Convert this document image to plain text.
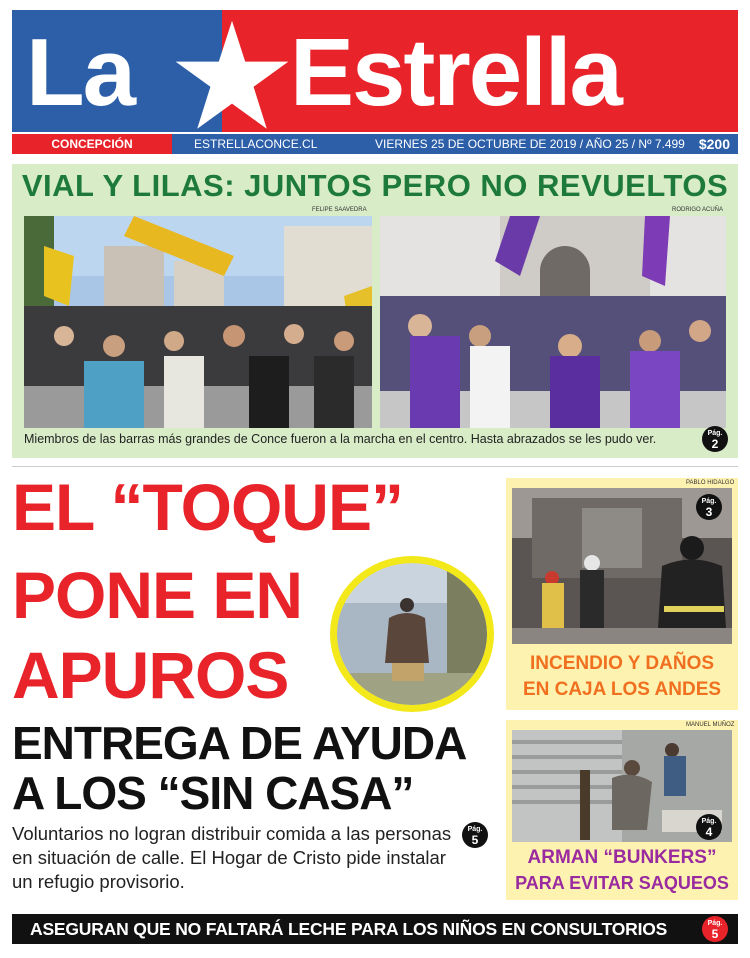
La Estrella
CONCEPCIÓN	ESTRELLACONCE.CL	VIERNES 25 DE OCTUBRE DE 2019 / AÑO 25 / Nº 7.499 $200
VIAL Y LILAS: JUNTOS PERO NO REVUELTOS
FELIPE SAAVEDRA	RODRIGO ACUÑA
Miembros de las barras más grandes de Conce fueron a la marcha en el centro. Hasta abrazados se les pudo ver.	Pág.
2
EL “TOQUE”
PONE EN
APUROS
ENTREGA DE AYUDA
A LOS “SIN CASA”
Voluntarios no logran distribuir comida a las personas en situación de calle. El Hogar de Cristo pide instalar un refugio provisorio.
Pág.
5
PABLO HIDALGO
Pág.
3
INCENDIO Y DAÑOS
EN CAJA LOS ANDES
MANUEL MUÑOZ
Pág.
4
ARMAN “BUNKERS”
PARA EVITAR SAQUEOS
ASEGURAN QUE NO FALTARÁ LECHE PARA LOS NIÑOS EN CONSULTORIOS	Pág.
5
